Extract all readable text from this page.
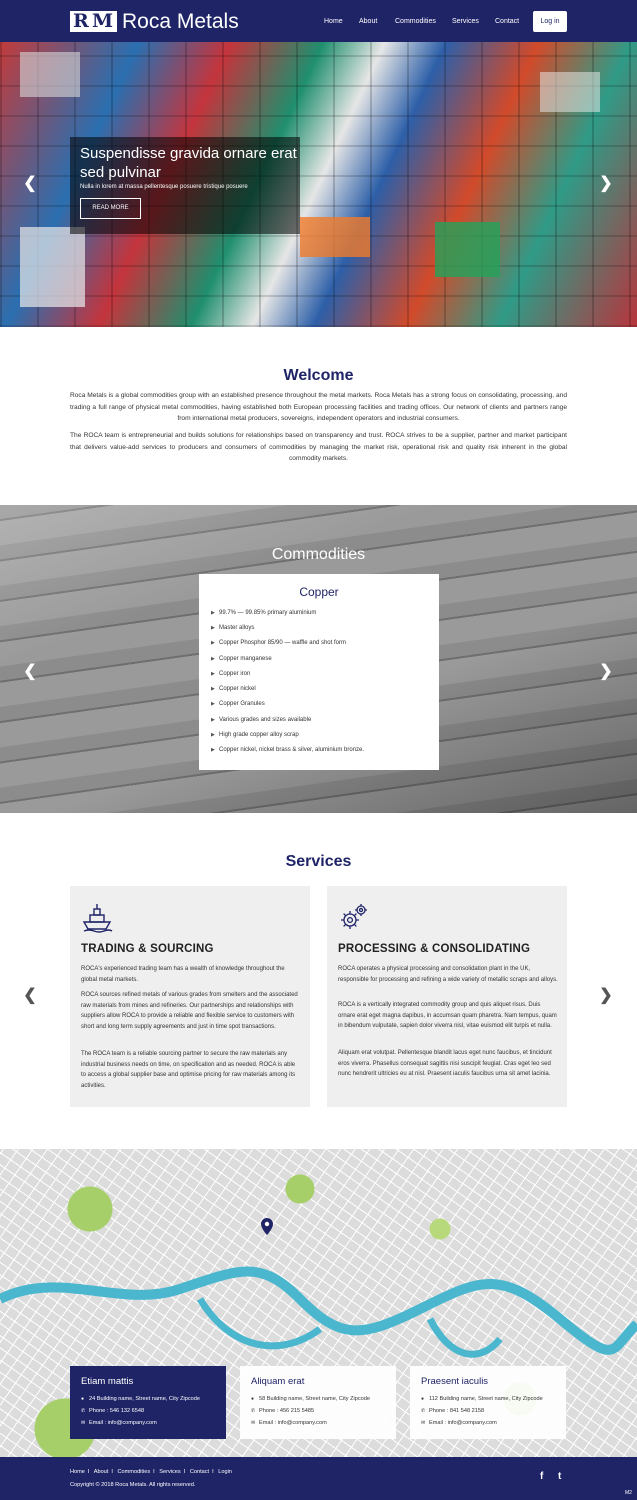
R M Roca Metals	Home About	Commodities Services Contact	Log in
Suspendisse gravida ornare erat sed pulvinar
Nulla in lorem at massa pellentesque posuere tristique posuere
READ MORE
❮	❯
Welcome

Roca Metals is a global commodities group with an established presence throughout the metal markets. Roca Metals has a strong focus on consolidating, processing, and trading a full range of physical metal commodities, having established both European processing facilities and trading offices. Our network of clients and partners range from international metal producers, sovereigns, independent operators and industrial consumers.

The ROCA team is entrepreneurial and builds solutions for relationships based on transparency and trust. ROCA strives to be a supplier, partner and market participant that delivers value-add services to producers and consumers of commodities by managing the market risk, operational risk and quality risk inherent in the global commodity markets.

Commodities
Copper
▶ 99.7% — 99.85% primary aluminium
▶ Master alloys
▶ Copper Phosphor 85/90 — waffle and shot form
▶ Copper manganese
▶ Copper iron
▶ Copper nickel
▶ Copper Granules
▶ Various grades and sizes available
▶ High grade copper alloy scrap
▶ Copper nickel, nickel brass & silver, aluminium bronze.
❮	❯
Services
TRADING & SOURCING

ROCA's experienced trading team has a wealth of knowledge throughout the global metal markets.

ROCA sources refined metals of various grades from smelters and the associated raw materials from mines and refineries. Our partnerships and relationships with suppliers allow ROCA to provide a reliable and flexible service to customers with short and long term supply agreements and just in time spot transactions.

The ROCA team is a reliable sourcing partner to secure the raw materials any industrial business needs on time, on specification and as needed. ROCA is able to access a global supplier base and optimise pricing for raw materials among its activities.

PROCESSING & CONSOLIDATING

ROCA operates a physical processing and consolidation plant in the UK, responsible for processing and refining a wide variety of metallic scraps and alloys.

ROCA is a vertically integrated commodity group and quis aliquet risus. Duis ornare erat eget magna dapibus, in accumsan quam pharetra. Nam tempus, quam in bibendum vulputate, sapien dolor viverra nisl, vitae euismod elit turpis et nulla.

Aliquam erat volutpat. Pellentesque blandit lacus eget nunc faucibus, et tincidunt eros viverra. Phasellus consequat sagittis nisi suscipit feugiat. Cras eget leo sed nunc hendrerit ultricies eu at nisl. Praesent iaculis faucibus urna sit amet lacinia.

❮	❯
Etiam mattis
● 24 Building name, Street name, City Zipcode
✆ Phone : 546 132 6548
✉ Email : info@company.com
Aliquam erat
● 58 Building name, Street name, City Zipcode
✆ Phone : 456 215 5485
✉ Email : info@company.com
Praesent iaculis
● 112 Building name, Street name, City Zipcode
✆ Phone : 841 548 2158
✉ Email : info@company.com
Home I About I Commodities I Services I Contact I Login
Copyright © 2018 Roca Metals. All rights reserved.
f t
M2
